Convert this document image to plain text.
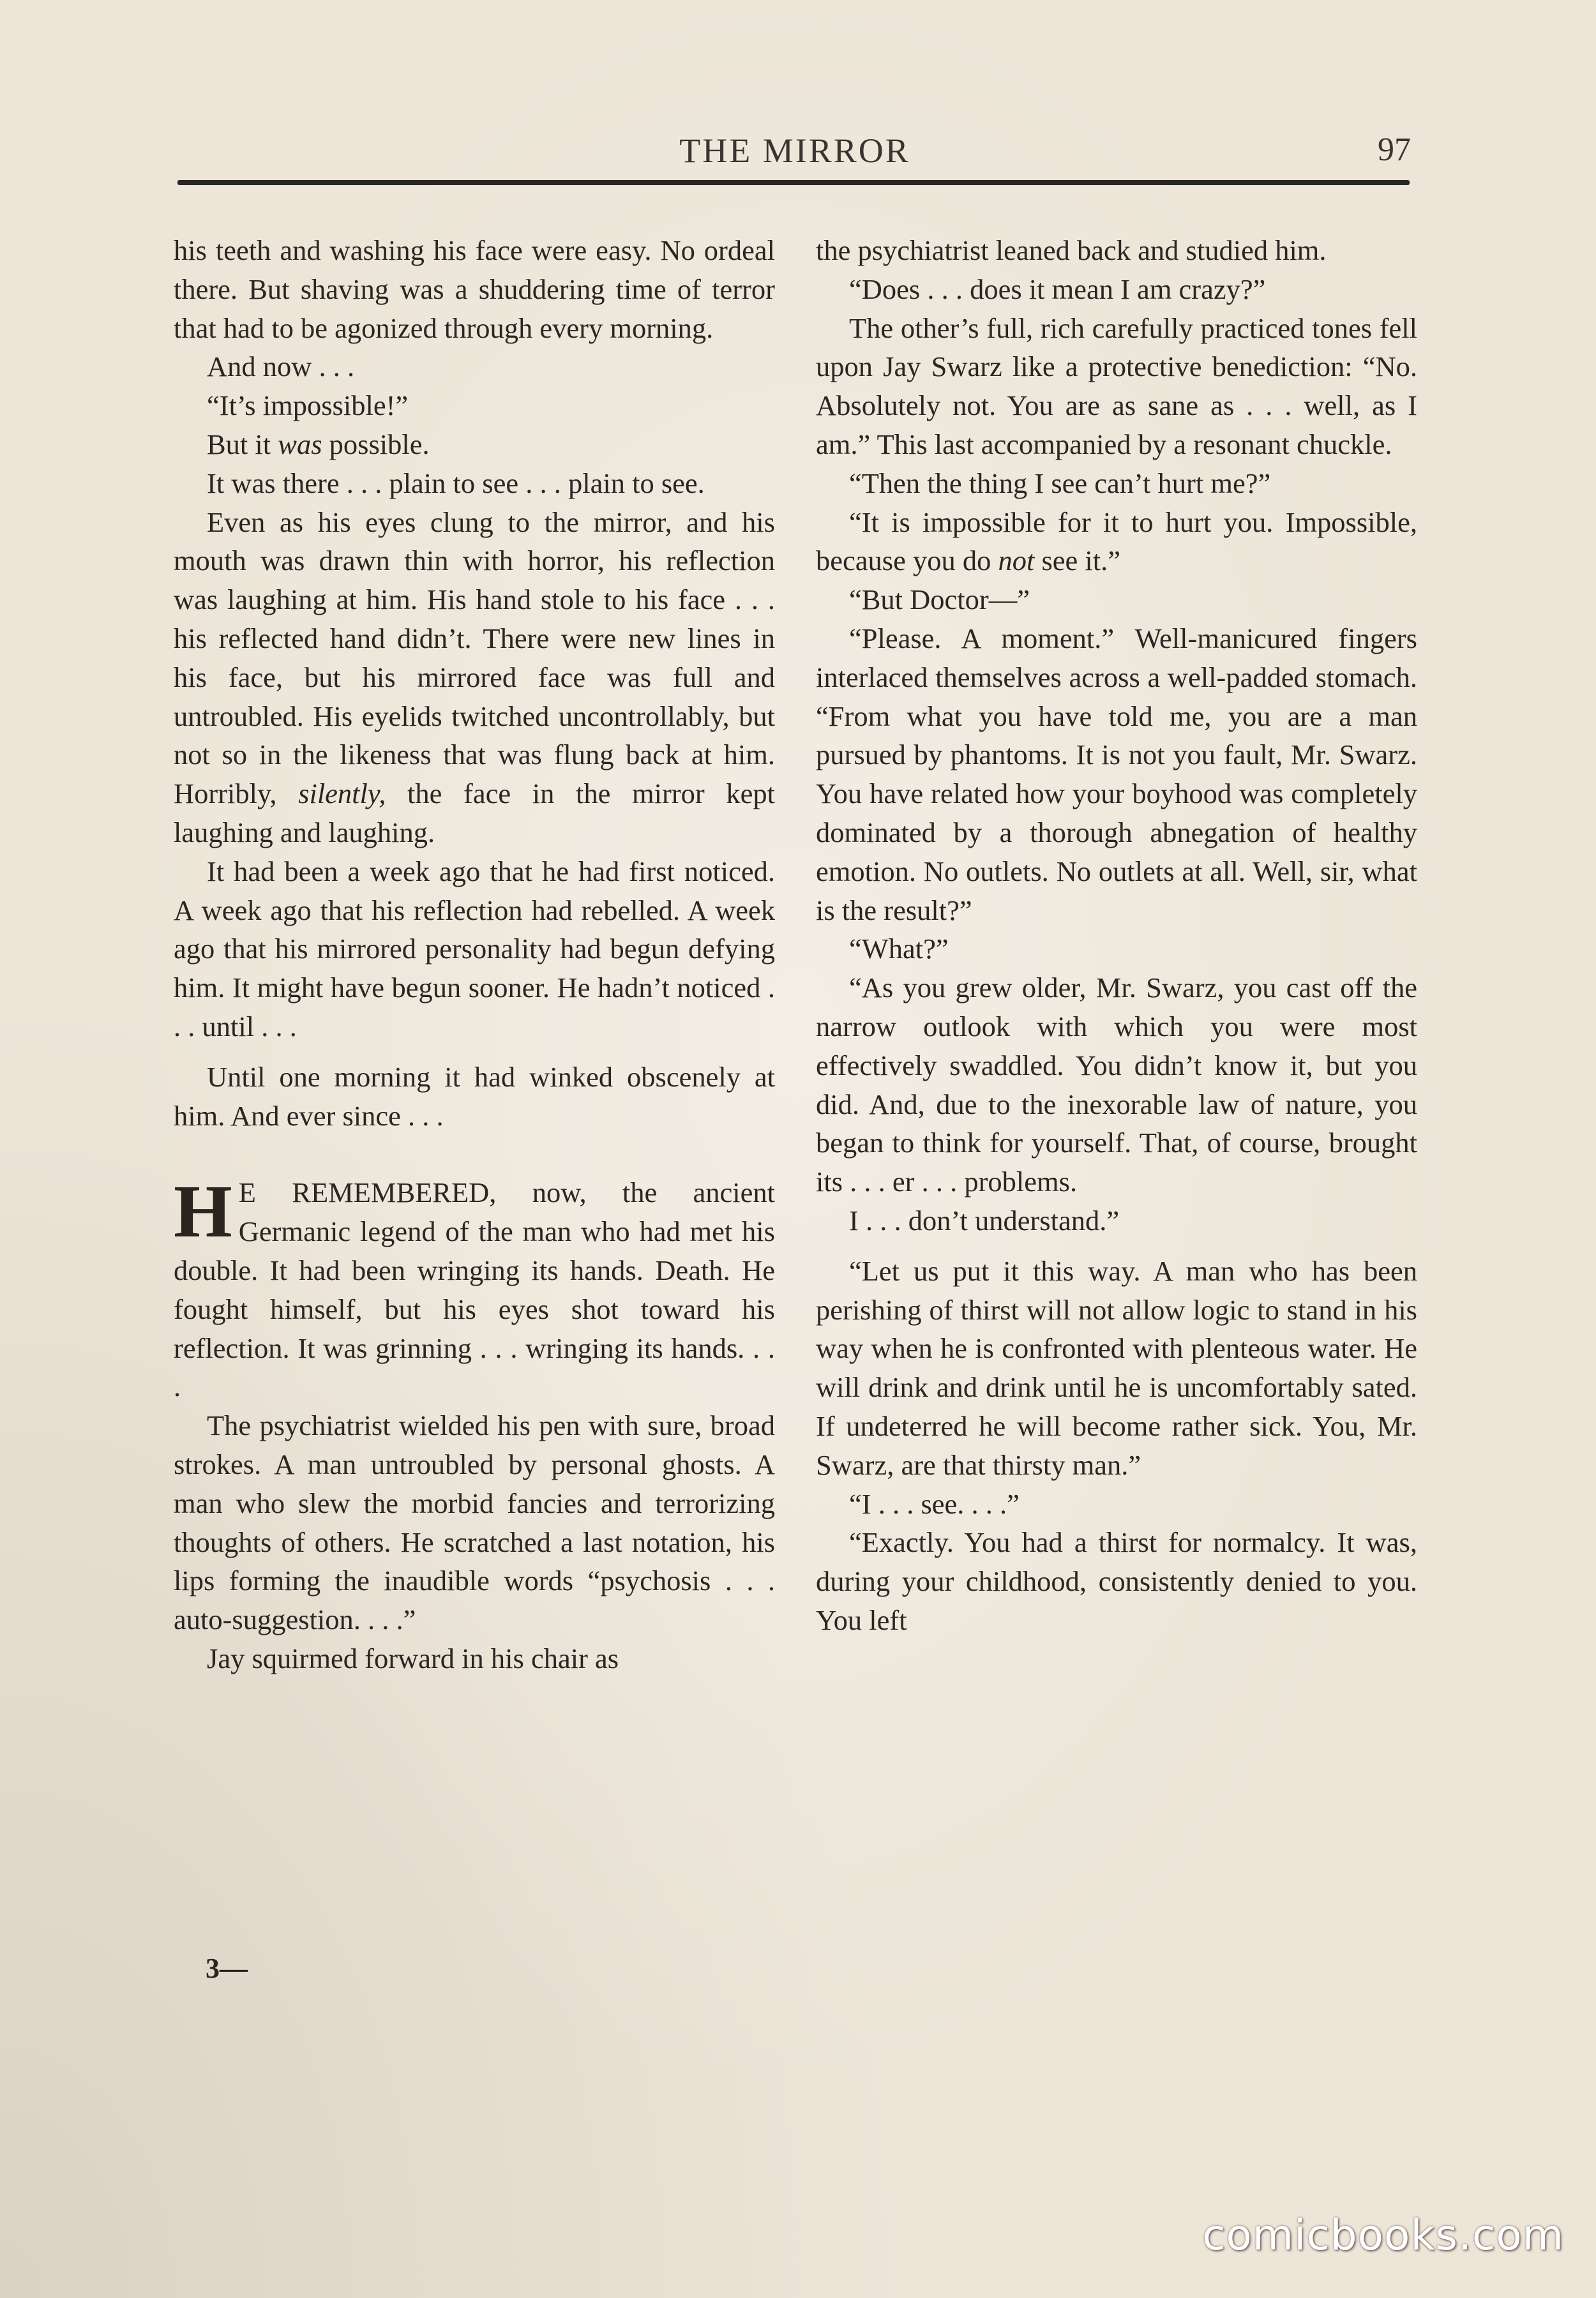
THE MIRROR	97

his teeth and washing his face were easy. No ordeal there. But shaving was a shuddering time of terror that had to be agonized through every morning.

And now . . .

“It’s impossible!”

But it was possible.

It was there . . . plain to see . . . plain to see.

Even as his eyes clung to the mirror, and his mouth was drawn thin with horror, his reflection was laughing at him. His hand stole to his face . . . his reflected hand didn’t. There were new lines in his face, but his mirrored face was full and untroubled. His eyelids twitched uncontrollably, but not so in the likeness that was flung back at him. Horribly, silently, the face in the mirror kept laughing and laughing.

It had been a week ago that he had first noticed. A week ago that his reflection had rebelled. A week ago that his mirrored personality had begun defying him. It might have begun sooner. He hadn’t noticed . . . until . . .

Until one morning it had winked obscenely at him. And ever since . . .

H E REMEMBERED, now, the ancient Germanic legend of the man who had met his double. It had been wringing its hands. Death. He fought himself, but his eyes shot toward his reflection. It was grinning . . . wringing its hands. . . .

The psychiatrist wielded his pen with sure, broad strokes. A man untroubled by personal ghosts. A man who slew the morbid fancies and terrorizing thoughts of others. He scratched a last notation, his lips forming the inaudible words “psychosis . . . auto-suggestion. . . .”

Jay squirmed forward in his chair as

the psychiatrist leaned back and studied him.

“Does . . . does it mean I am crazy?”

The other’s full, rich carefully practiced tones fell upon Jay Swarz like a protective benediction: “No. Absolutely not. You are as sane as . . . well, as I am.” This last accompanied by a resonant chuckle.

“Then the thing I see can’t hurt me?”

“It is impossible for it to hurt you. Impossible, because you do not see it.”

“But Doctor—”

“Please. A moment.” Well-manicured fingers interlaced themselves across a well-padded stomach. “From what you have told me, you are a man pursued by phantoms. It is not you fault, Mr. Swarz. You have related how your boyhood was completely dominated by a thorough abnegation of healthy emotion. No outlets. No outlets at all. Well, sir, what is the result?”

“What?”

“As you grew older, Mr. Swarz, you cast off the narrow outlook with which you were most effectively swaddled. You didn’t know it, but you did. And, due to the inexorable law of nature, you began to think for yourself. That, of course, brought its . . . er . . . problems.

I . . . don’t understand.”

“Let us put it this way. A man who has been perishing of thirst will not allow logic to stand in his way when he is confronted with plenteous water. He will drink and drink until he is uncomfortably sated. If undeterred he will become rather sick. You, Mr. Swarz, are that thirsty man.”

“I . . . see. . . .”

“Exactly. You had a thirst for normalcy. It was, during your childhood, consistently denied to you. You left

3—
comicbooks.com
